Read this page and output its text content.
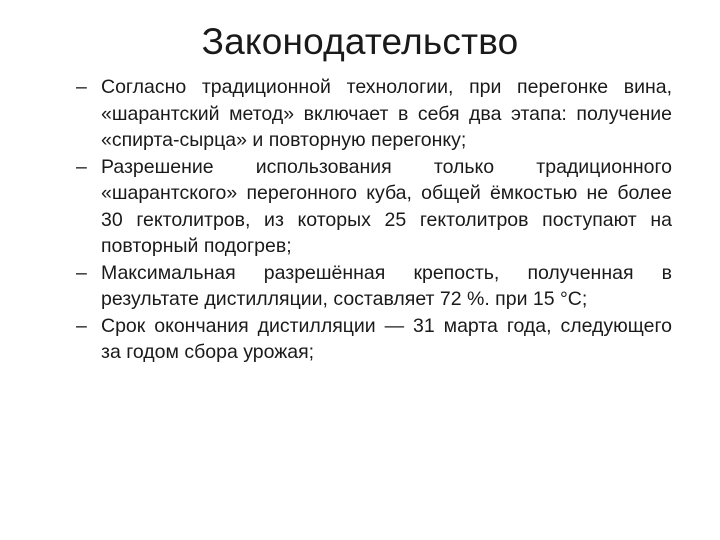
Законодательство
– Согласно традиционной технологии, при перегонке вина, «шарантский метод» включает в себя два этапа: получение «спирта-сырца» и повторную перегонку;
– Разрешение использования только традиционного «шарантского» перегонного куба, общей ёмкостью не более 30 гектолитров, из которых 25 гектолитров поступают на повторный подогрев;
– Максимальная разрешённая крепость, полученная в результате дистилляции, составляет 72 %. при 15 °С;
– Срок окончания дистилляции — 31 марта года, следующего за годом сбора урожая;
